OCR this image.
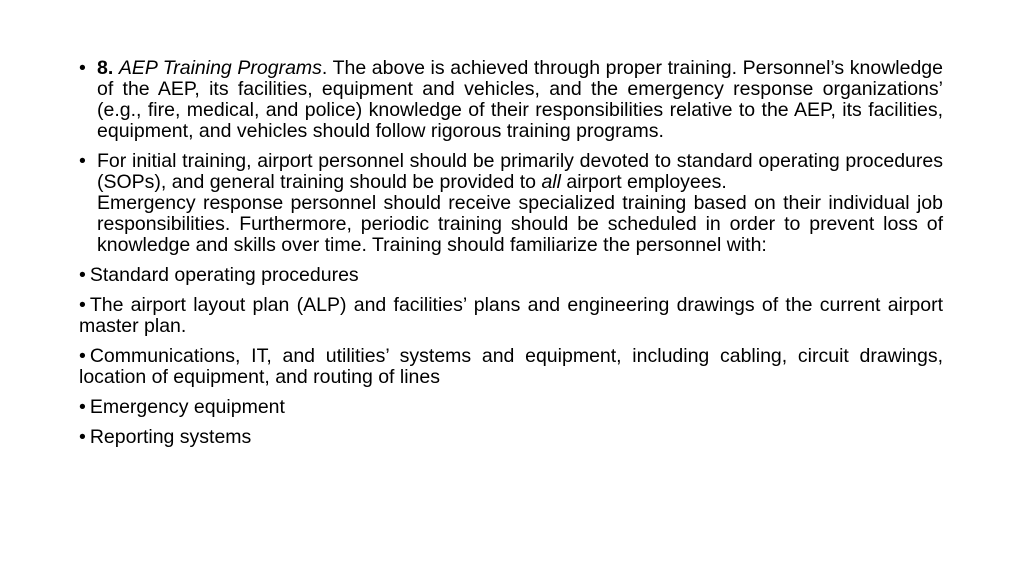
• 8. AEP Training Programs. The above is achieved through proper training. Personnel’s knowledge of the AEP, its facilities, equipment and vehicles, and the emergency response organizations’ (e.g., fire, medical, and police) knowledge of their responsibilities relative to the AEP, its facilities, equipment, and vehicles should follow rigorous training programs.

• For initial training, airport personnel should be primarily devoted to standard operating procedures (SOPs), and general training should be provided to all airport employees.
Emergency response personnel should receive specialized training based on their individual job responsibilities. Furthermore, periodic training should be scheduled in order to prevent loss of knowledge and skills over time. Training should familiarize the personnel with:

• Standard operating procedures

• The airport layout plan (ALP) and facilities’ plans and engineering drawings of the current airport master plan.

• Communications, IT, and utilities’ systems and equipment, including cabling, circuit drawings, location of equipment, and routing of lines

• Emergency equipment

• Reporting systems
